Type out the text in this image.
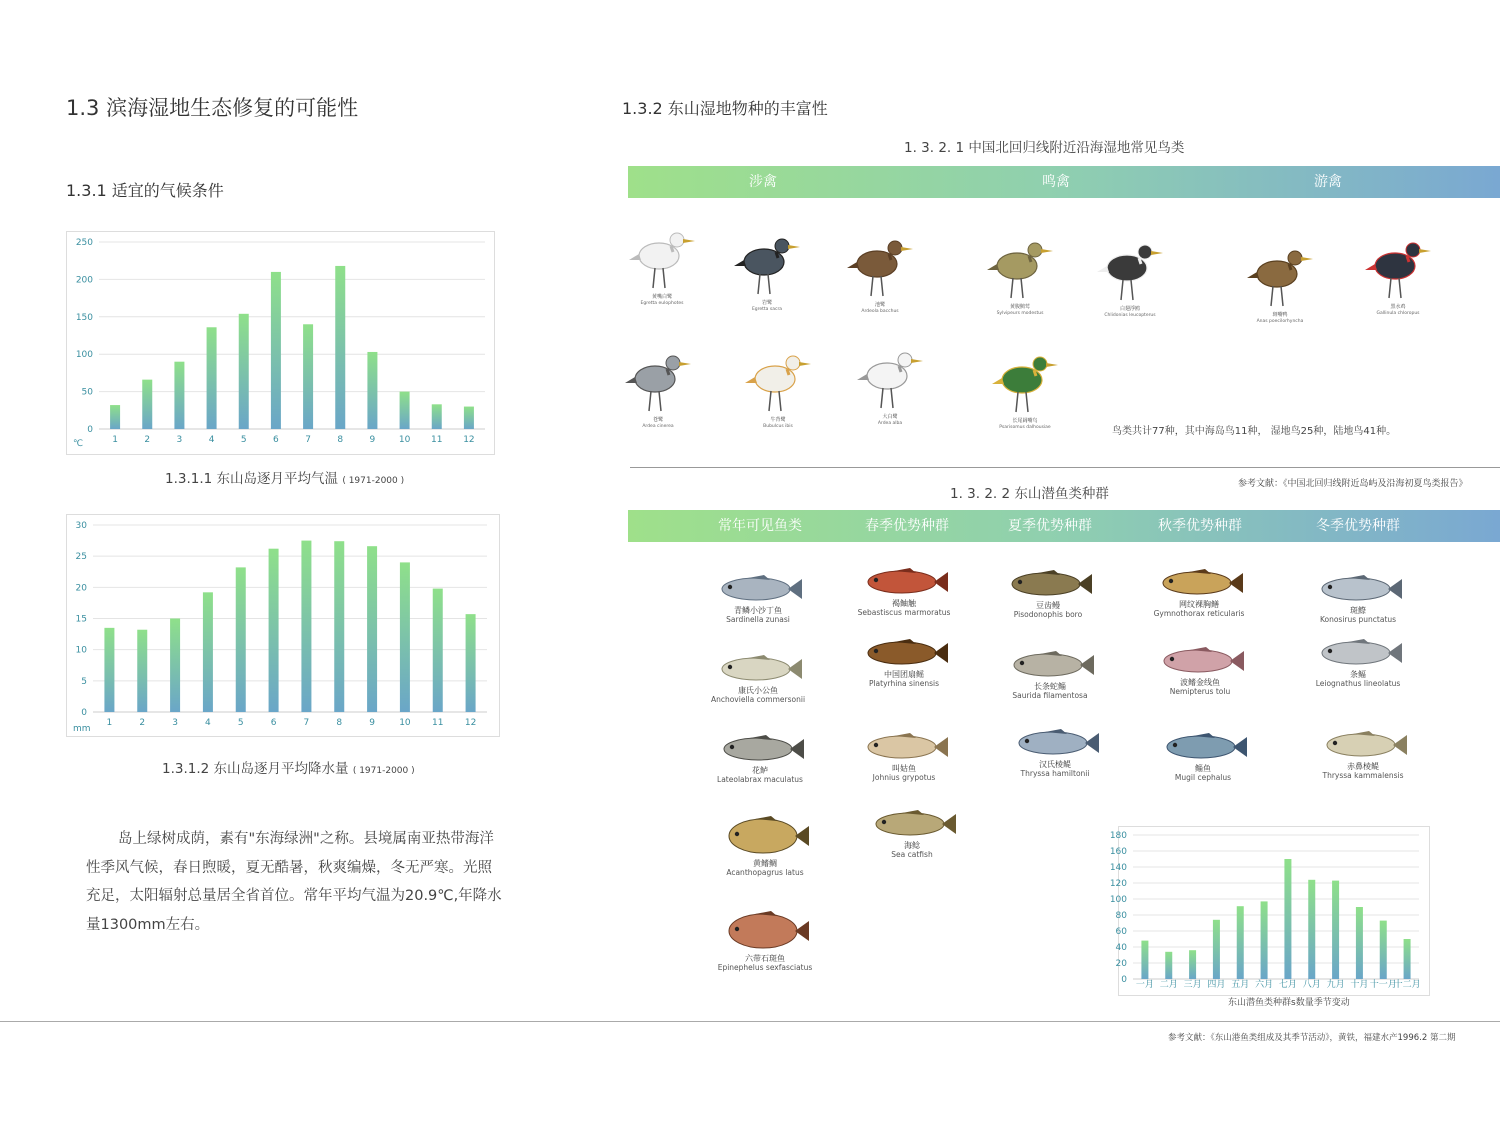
1.3 滨海湿地生态修复的可能性
1.3.1 适宜的气候条件
0
50
100
150
200
250
1	2	3	4	5	6	7	8	9	10 11 12
℃
1.3.1.1 东山岛逐月平均气温 ( 1971-2000 )
0
5
10
15
20
25
30
1	2	3	4	5	6	7	8	9	10 11 12
mm
1.3.1.2 东山岛逐月平均降水量 ( 1971-2000 )
岛上绿树成荫，素有"东海绿洲"之称。县境属南亚热带海洋性季风气候，春日煦暖，夏无酷暑，秋爽编燥，冬无严寒。光照充足，太阳辐射总量居全省首位。常年平均气温为20.9℃,年降水量1300mm左右。
1.3.2 东山湿地物种的丰富性
1. 3. 2. 1 中国北回归线附近沿海湿地常见鸟类
涉禽	鸣禽	游禽
黄嘴白鹭
Egretta eulophotes	岩鹭
Egretta sacra
池鹭
Ardeola bacchus
黄腹鹪莺
Sylvipeurs modestus
白翅浮鸥
Chlidonias leucopterus	斑嘴鸭
Anas poecilorhyncha
黑水鸡
Gallinula chloropus
苍鹭
Ardea cinerea
牛背鹭
Bubulcus ibis
大白鹭
Ardea alba	长尾阔嘴鸟
Psarisomus dalhousiae	鸟类共计77种，其中海岛鸟11种， 湿地鸟25种，陆地鸟41种。
参考文献：《中国北回归线附近岛屿及沿海初夏鸟类报告》
1. 3. 2. 2 东山潜鱼类种群
常年可见鱼类	春季优势种群	夏季优势种群	秋季优势种群	冬季优势种群
青鳞小沙丁鱼
Sardinella zunasi
褐鲉触
Sebastiscus marmoratus
豆齿鳗
Pisodonophis boro
网纹裸胸鳝
Gymnothorax reticularis	斑鰶
Konosirus punctatus
康氏小公鱼
Anchoviella commersonii
中国团扇鳐
Platyrhina sinensis	长条蛇鲻
Saurida filamentosa
波鳍金线鱼
Nemipterus tolu
条鲾
Leiognathus lineolatus
花鲈
Lateolabrax maculatus
叫姑鱼
Johnius grypotus
汉氏棱鳀
Thryssa hamiltonii
鲻鱼
Mugil cephalus
赤鼻棱鳀
Thryssa kammalensis
黄鳍鲷
Acanthopagrus latus
海鲶
Sea catfish
六带石斑鱼
Epinephelus sexfasciatus
0
20
40
60
80
100
120
140
160
180
一月 二月 三月 四月 五月 六月 七月 八月 九月 十月 十一月
十二月
东山潜鱼类种群s数量季节变动
参考文献：《东山港鱼类组成及其季节活动》，黄铁，福建水产1996.2 第二期
